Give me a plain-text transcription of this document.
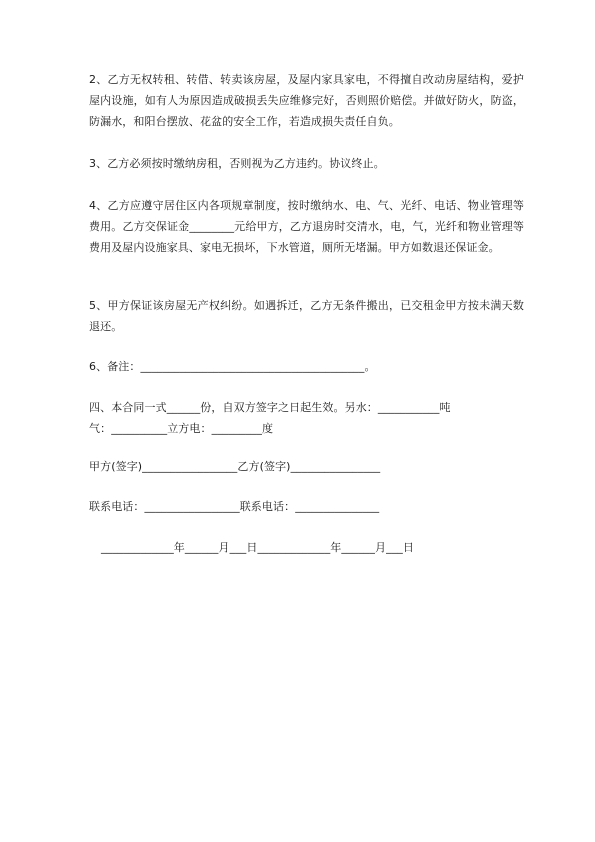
2、乙方无权转租、转借、转卖该房屋，及屋内家具家电，不得擅自改动房屋结构，爱护屋内设施，如有人为原因造成破损丢失应维修完好，否则照价赔偿。并做好防火，防盗，防漏水，和阳台摆放、花盆的安全工作，若造成损失责任自负。

3、乙方必须按时缴纳房租，否则视为乙方违约。协议终止。

4、乙方应遵守居住区内各项规章制度，按时缴纳水、电、气、光纤、电话、物业管理等费用。乙方交保证金________元给甲方，乙方退房时交清水，电，气，光纤和物业管理等费用及屋内设施家具、家电无损坏，下水管道，厕所无堵漏。甲方如数退还保证金。

5、甲方保证该房屋无产权纠纷。如遇拆迁，乙方无条件搬出，已交租金甲方按未满天数退还。

6、备注：________________________________________。

四、本合同一式______份，自双方签字之日起生效。另水：___________吨
气：__________立方电：_________度

甲方(签字)_________________乙方(签字)________________

联系电话：_________________联系电话：_______________

_____________年______月___日_____________年______月___日
